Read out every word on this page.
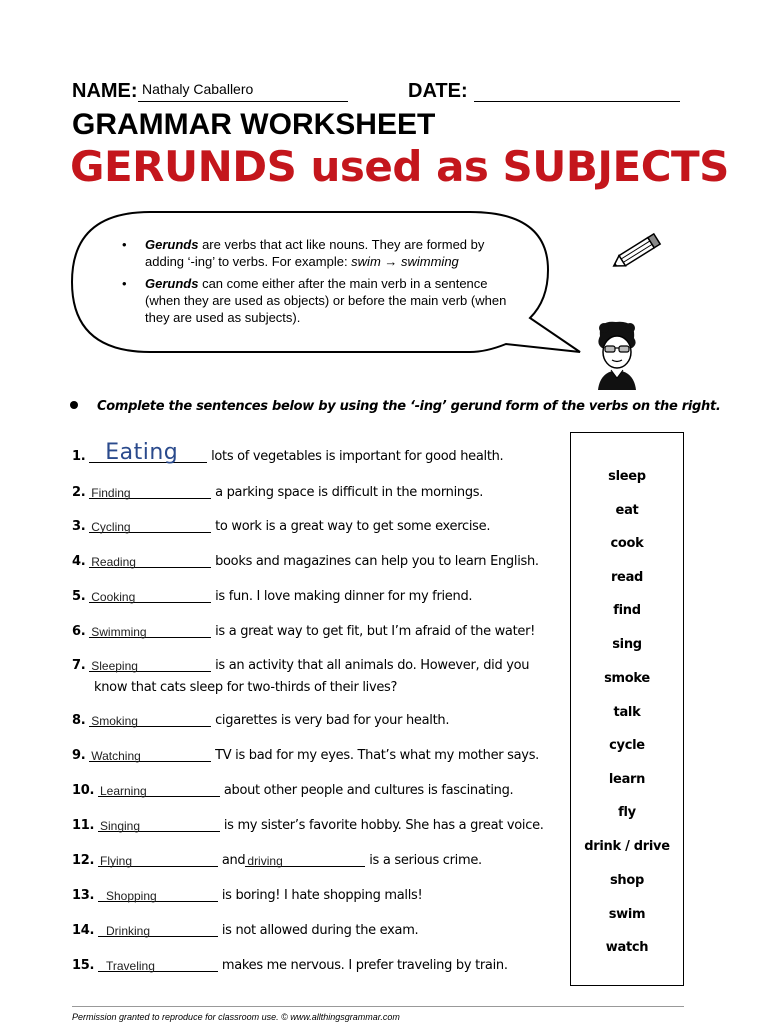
NAME: Nathaly Caballero	DATE:
GRAMMAR WORKSHEET
GERUNDS used as SUBJECTS
• Gerunds are verbs that act like nouns. They are formed by adding ‘-ing’ to verbs. For example: swim → swimming
• Gerunds can come either after the main verb in a sentence (when they are used as objects) or before the main verb (when they are used as subjects).
Complete the sentences below by using the ‘-ing’ gerund form of the verbs on the right.
1. Eating	lots of vegetables is important for good health.
2. Finding	a parking space is difficult in the mornings.
3. Cycling	to work is a great way to get some exercise.
4. Reading	books and magazines can help you to learn English.
5. Cooking	is fun. I love making dinner for my friend.
6. Swimming	is a great way to get fit, but I’m afraid of the water!
7. Sleeping	is an activity that all animals do. However, did you
know that cats sleep for two-thirds of their lives?
8. Smoking	cigarettes is very bad for your health.
9. Watching	TV is bad for my eyes. That’s what my mother says.
10. Learning	about other people and cultures is fascinating.
11. Singing	is my sister’s favorite hobby. She has a great voice.
12. Flying	and driving	is a serious crime.
13. Shopping	is boring! I hate shopping malls!
14. Drinking	is not allowed during the exam.
15. Traveling	makes me nervous. I prefer traveling by train.
sleep
eat
cook
read
find
sing
smoke
talk
cycle
learn
fly
drink / drive
shop
swim
watch
Permission granted to reproduce for classroom use. © www.allthingsgrammar.com
